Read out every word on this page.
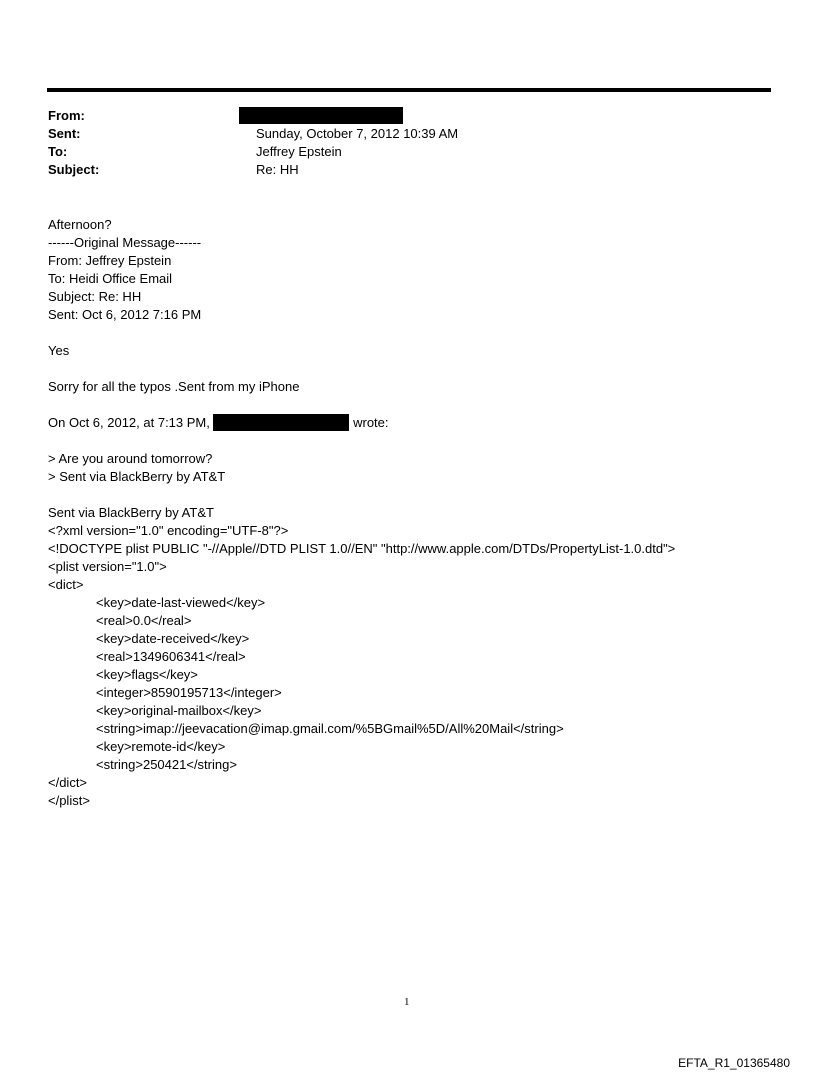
From:
Sent:	Sunday, October 7, 2012 10:39 AM
To:	Jeffrey Epstein
Subject:	Re: HH
Afternoon?
------Original Message------
From: Jeffrey Epstein
To: Heidi Office Email
Subject: Re: HH
Sent: Oct 6, 2012 7:16 PM
Yes
Sorry for all the typos .Sent from my iPhone
On Oct 6, 2012, at 7:13 PM,	wrote:
> Are you around tomorrow?
> Sent via BlackBerry by AT&T
Sent via BlackBerry by AT&T
<?xml version="1.0" encoding="UTF-8"?>
<!DOCTYPE plist PUBLIC "-//Apple//DTD PLIST 1.0//EN" "http://www.apple.com/DTDs/PropertyList-1.0.dtd">
<plist version="1.0">
<dict>
<key>date-last-viewed</key>
<real>0.0</real>
<key>date-received</key>
<real>1349606341</real>
<key>flags</key>
<integer>8590195713</integer>
<key>original-mailbox</key>
<string>imap://jeevacation@imap.gmail.com/%5BGmail%5D/All%20Mail</string>
<key>remote-id</key>
<string>250421</string>
</dict>
</plist>
1
EFTA_R1_01365480
